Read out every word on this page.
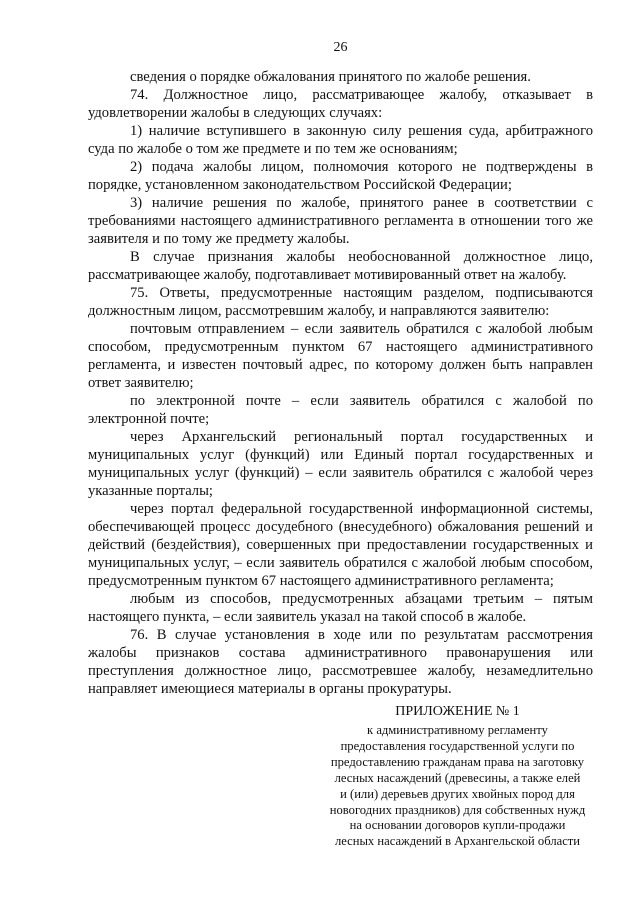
26

сведения о порядке обжалования принятого по жалобе решения.

74. Должностное лицо, рассматривающее жалобу, отказывает в удовлетворении жалобы в следующих случаях:

1) наличие вступившего в законную силу решения суда, арбитражного суда по жалобе о том же предмете и по тем же основаниям;

2) подача жалобы лицом, полномочия которого не подтверждены в порядке, установленном законодательством Российской Федерации;

3) наличие решения по жалобе, принятого ранее в соответствии с требованиями настоящего административного регламента в отношении того же заявителя и по тому же предмету жалобы.

В случае признания жалобы необоснованной должностное лицо, рассматривающее жалобу, подготавливает мотивированный ответ на жалобу.

75. Ответы, предусмотренные настоящим разделом, подписываются должностным лицом, рассмотревшим жалобу, и направляются заявителю:

почтовым отправлением – если заявитель обратился с жалобой любым способом, предусмотренным пунктом 67 настоящего административного регламента, и известен почтовый адрес, по которому должен быть направлен ответ заявителю;

по электронной почте – если заявитель обратился с жалобой по электронной почте;

через Архангельский региональный портал государственных и муниципальных услуг (функций) или Единый портал государственных и муниципальных услуг (функций) – если заявитель обратился с жалобой через указанные порталы;

через портал федеральной государственной информационной системы, обеспечивающей процесс досудебного (внесудебного) обжалования решений и действий (бездействия), совершенных при предоставлении государственных и муниципальных услуг, – если заявитель обратился с жалобой любым способом, предусмотренным пунктом 67 настоящего административного регламента;

любым из способов, предусмотренных абзацами третьим – пятым настоящего пункта, – если заявитель указал на такой способ в жалобе.

76. В случае установления в ходе или по результатам рассмотрения жалобы признаков состава административного правонарушения или преступления должностное лицо, рассмотревшее жалобу, незамедлительно направляет имеющиеся материалы в органы прокуратуры.

ПРИЛОЖЕНИЕ № 1
к административному регламенту
предоставления государственной услуги по
предоставлению гражданам права на заготовку
лесных насаждений (древесины, а также елей
и (или) деревьев других хвойных пород для
новогодних праздников) для собственных нужд
на основании договоров купли-продажи
лесных насаждений в Архангельской области
